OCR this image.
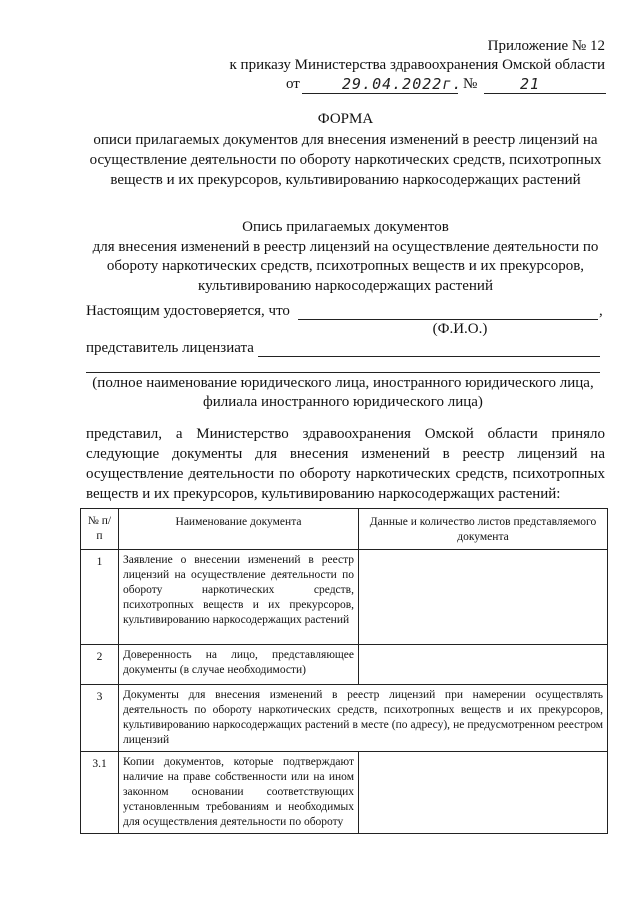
Приложение № 12
к приказу Министерства здравоохранения Омской области
от	29.04.2022г. №	21
ФОРМА
описи прилагаемых документов для внесения изменений в реестр лицензий на
осуществление деятельности по обороту наркотических средств, психотропных
веществ и их прекурсоров, культивированию наркосодержащих растений
Опись прилагаемых документов
для внесения изменений в реестр лицензий на осуществление деятельности по
обороту наркотических средств, психотропных веществ и их прекурсоров,
культивированию наркосодержащих растений
Настоящим удостоверяется, что	,
(Ф.И.О.)
представитель лицензиата
(полное наименование юридического лица, иностранного юридического лица,
филиала иностранного юридического лица)
представил, а Министерство здравоохранения Омской области приняло
следующие документы для внесения изменений в реестр лицензий на
осуществление деятельности по обороту наркотических средств, психотропных
веществ и их прекурсоров, культивированию наркосодержащих растений:
№ п/п	Наименование документа	Данные и количество листов представляемого документа
1	Заявление о внесении изменений в реестр лицензий на осуществление деятельности по обороту наркотических средств, психотропных веществ и их прекурсоров, культивированию наркосодержащих растений	
2	Доверенность на лицо, представляющее документы (в случае необходимости)	
3	Документы для внесения изменений в реестр лицензий при намерении осуществлять деятельность по обороту наркотических средств, психотропных веществ и их прекурсоров, культивированию наркосодержащих растений в месте (по адресу), не предусмотренном реестром лицензий	
3.1	Копии документов, которые подтверждают наличие на праве собственности или на ином законном основании соответствующих установленным требованиям и необходимых для осуществления деятельности по обороту	
